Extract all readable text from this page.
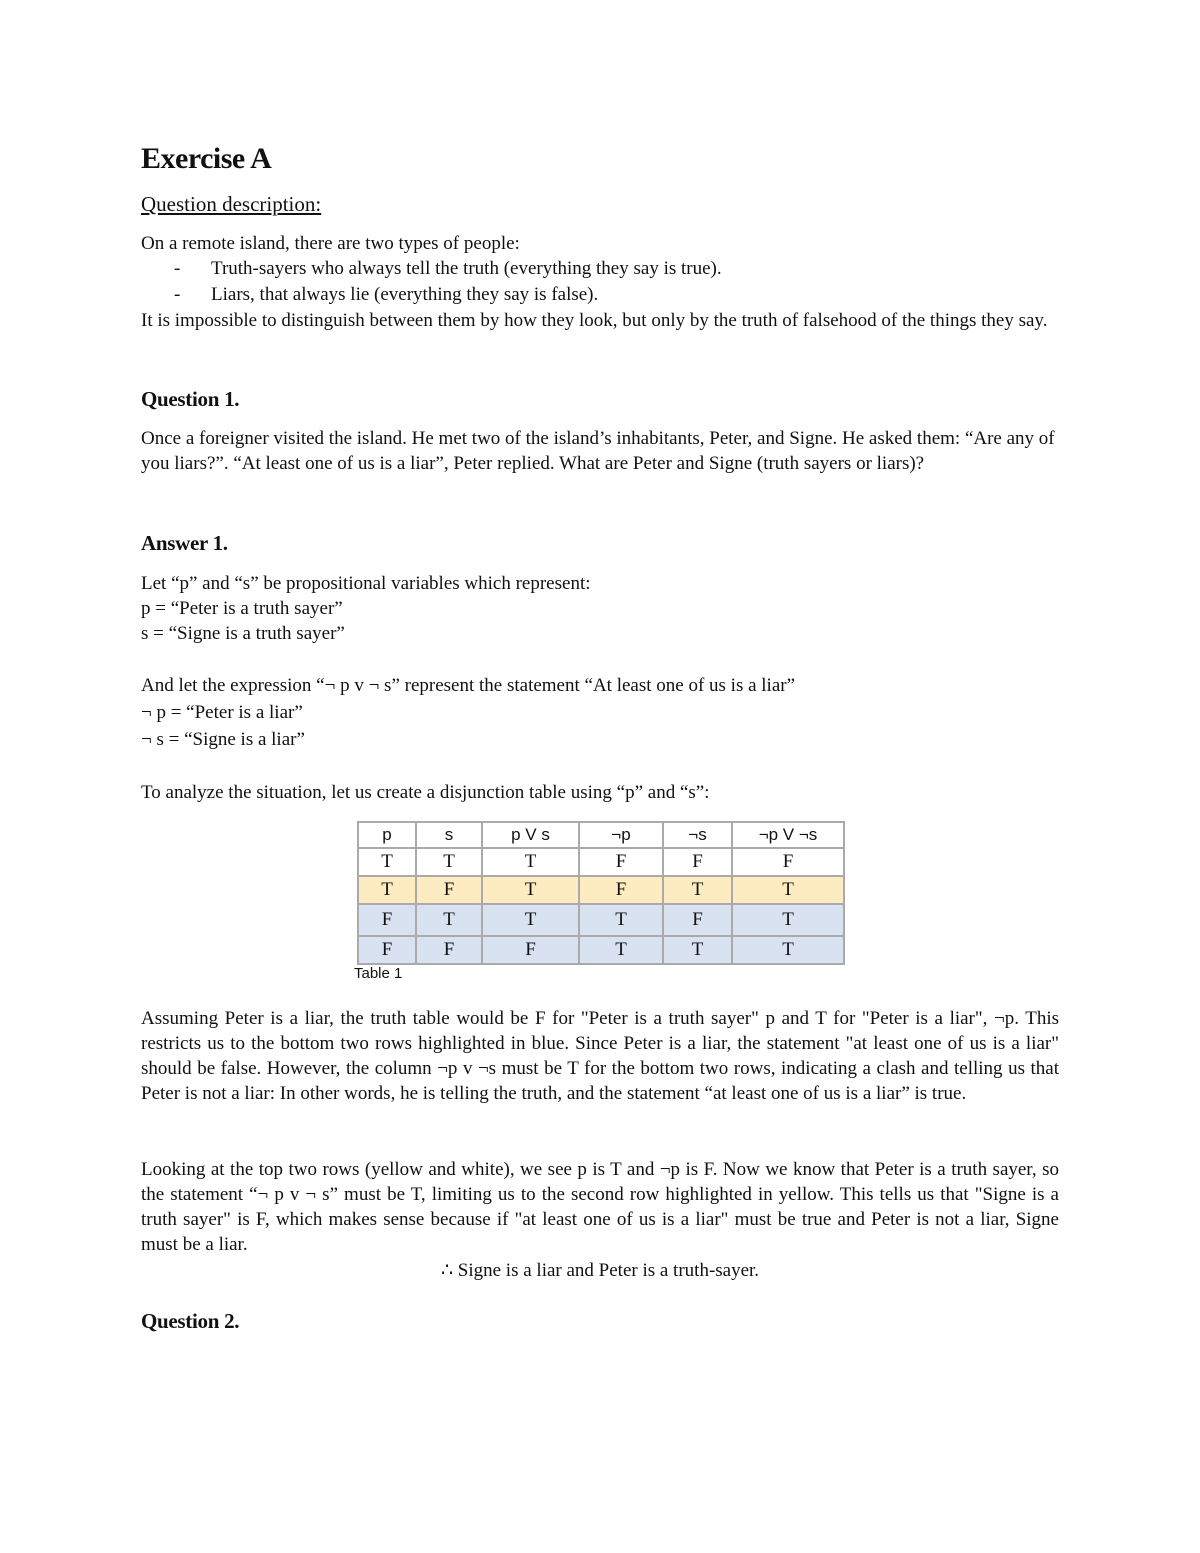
Exercise A
Question description:

On a remote island, there are two types of people:

-	Truth-sayers who always tell the truth (everything they say is true).
-	Liars, that always lie (everything they say is false).

It is impossible to distinguish between them by how they look, but only by the truth of falsehood of the things they say.

Question 1.

Once a foreigner visited the island. He met two of the island’s inhabitants, Peter, and Signe. He asked them: “Are any of you liars?”. “At least one of us is a liar”, Peter replied. What are Peter and Signe (truth sayers or liars)?

Answer 1.

Let “p” and “s” be propositional variables which represent:

p = “Peter is a truth sayer”

s = “Signe is a truth sayer”

And let the expression “¬ p v ¬ s” represent the statement “At least one of us is a liar”

¬ p = “Peter is a liar”

¬ s = “Signe is a liar”

To analyze the situation, let us create a disjunction table using “p” and “s”:

p	s	p V s	¬p	¬s	¬p V ¬s
T	T	T	F	F	F
T	F	T	F	T	T
F	T	T	T	F	T
F	F	F	T	T	T
Table 1

Assuming Peter is a liar, the truth table would be F for "Peter is a truth sayer" p and T for "Peter is a liar", ¬p. This restricts us to the bottom two rows highlighted in blue. Since Peter is a liar, the statement "at least one of us is a liar" should be false. However, the column ¬p v ¬s must be T for the bottom two rows, indicating a clash and telling us that Peter is not a liar: In other words, he is telling the truth, and the statement “at least one of us is a liar” is true.

Looking at the top two rows (yellow and white), we see p is T and ¬p is F. Now we know that Peter is a truth sayer, so the statement “¬ p v ¬ s” must be T, limiting us to the second row highlighted in yellow. This tells us that "Signe is a truth sayer" is F, which makes sense because if "at least one of us is a liar" must be true and Peter is not a liar, Signe must be a liar.

∴ Signe is a liar and Peter is a truth-sayer.
Question 2.
